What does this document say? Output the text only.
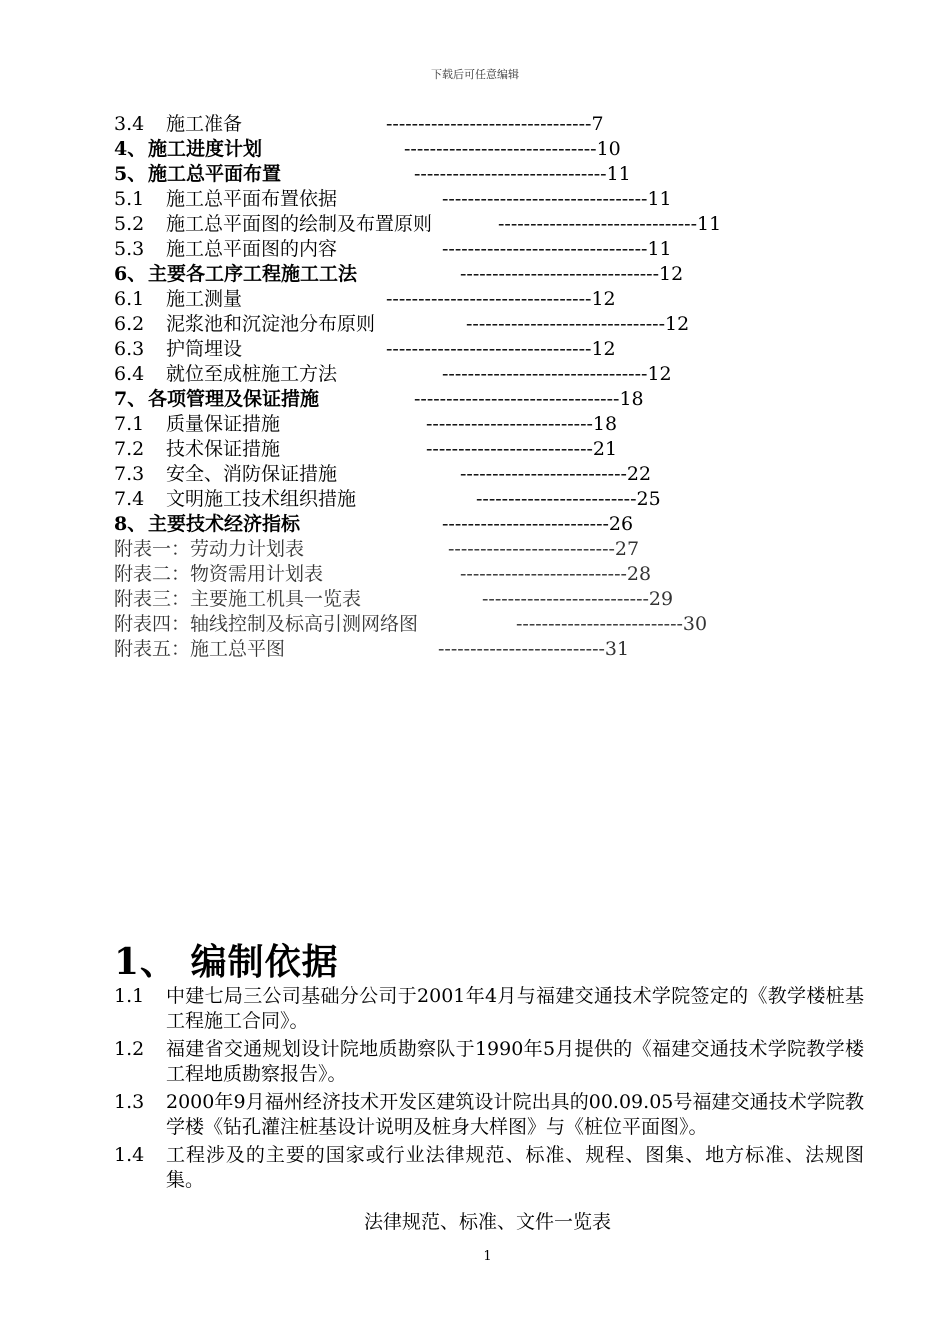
下载后可任意编辑
3.4 施工准备	--------------------------------7
4、施工进度计划	------------------------------10
5、施工总平面布置	------------------------------11
5.1 施工总平面布置依据	--------------------------------11
5.2 施工总平面图的绘制及布置原则	-------------------------------11
5.3 施工总平面图的内容	--------------------------------11
6、主要各工序工程施工工法	-------------------------------12
6.1 施工测量	--------------------------------12
6.2 泥浆池和沉淀池分布原则	-------------------------------12
6.3 护筒埋设	--------------------------------12
6.4 就位至成桩施工方法	--------------------------------12
7、各项管理及保证措施	--------------------------------18
7.1 质量保证措施	--------------------------18
7.2 技术保证措施	--------------------------21
7.3 安全、消防保证措施	--------------------------22
7.4 文明施工技术组织措施	-------------------------25
8、主要技术经济指标	--------------------------26
附表一：劳动力计划表	--------------------------27
附表二：物资需用计划表	--------------------------28
附表三：主要施工机具一览表	--------------------------29
附表四：轴线控制及标高引测网络图	--------------------------30
附表五：施工总平图	--------------------------31
1、 编制依据
1.1 中建七局三公司基础分公司于2001年4月与福建交通技术学院签定的《教学楼桩基工程施工合同》。
1.2 福建省交通规划设计院地质勘察队于1990年5月提供的《福建交通技术学院教学楼工程地质勘察报告》。
1.3 2000年9月福州经济技术开发区建筑设计院出具的00.09.05号福建交通技术学院教学楼《钻孔灌注桩基设计说明及桩身大样图》与《桩位平面图》。
1.4 工程涉及的主要的国家或行业法律规范、标准、规程、图集、地方标准、法规图集。
法律规范、标准、文件一览表
1
